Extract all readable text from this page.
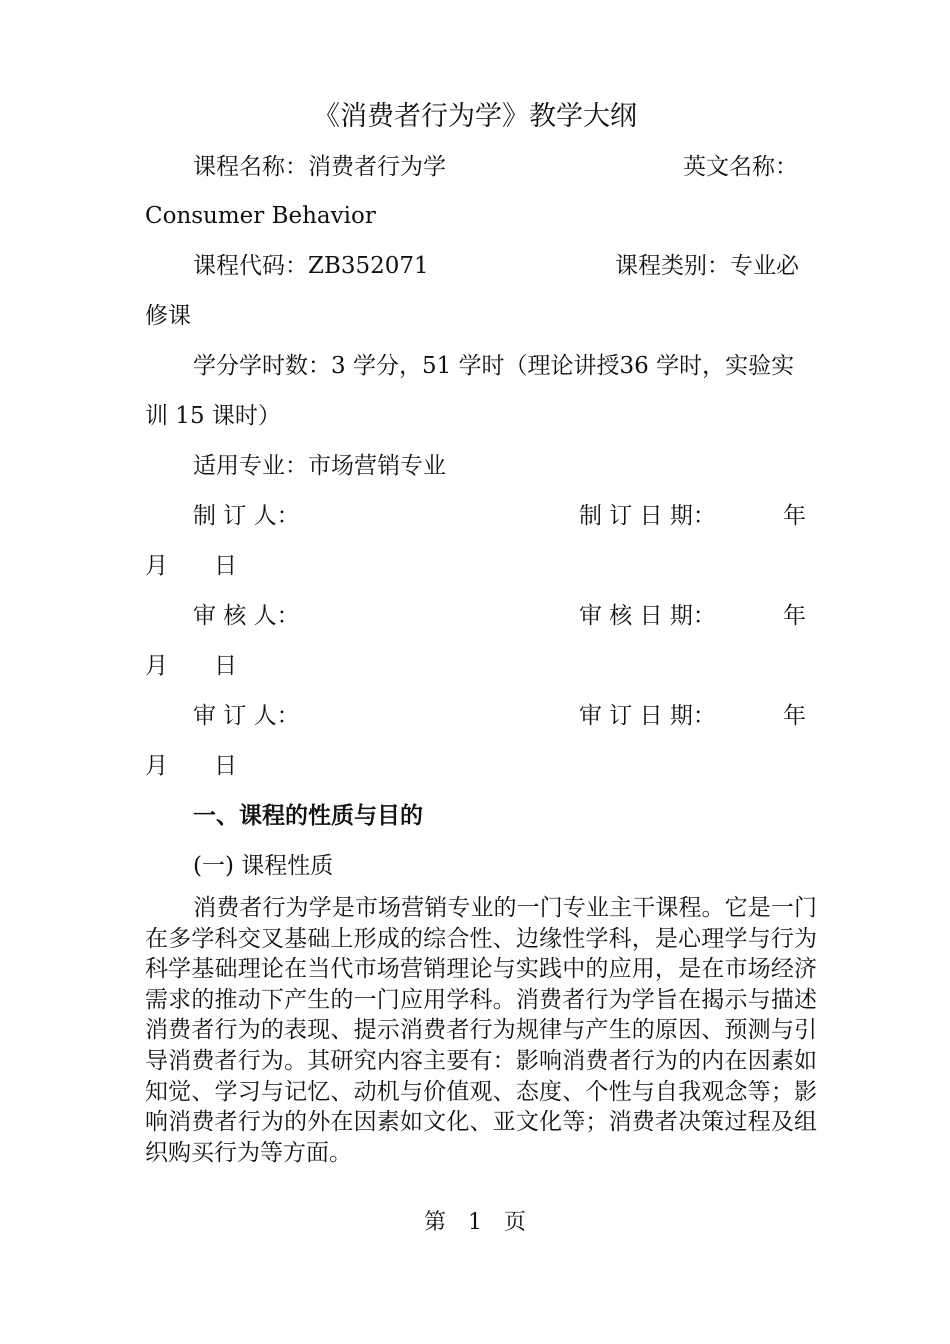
《消费者行为学》教学大纲
课程名称：消费者行为学	英文名称：
Consumer Behavior
课程代码：ZB352071	课程类别：专业必
修课
学分学时数：3 学分，51 学时（理论讲授36 学时，实验实
训 15 课时）
适用专业：市场营销专业
制 订 人：	制 订 日 期：	年
月　　日
审 核 人：	审 核 日 期：	年
月　　日
审 订 人：	审 订 日 期：	年
月　　日
一、课程的性质与目的
(一) 课程性质
消费者行为学是市场营销专业的一门专业主干课程。它是一门在多学科交叉基础上形成的综合性、边缘性学科，是心理学与行为科学基础理论在当代市场营销理论与实践中的应用，是在市场经济需求的推动下产生的一门应用学科。消费者行为学旨在揭示与描述消费者行为的表现、提示消费者行为规律与产生的原因、预测与引导消费者行为。其研究内容主要有：影响消费者行为的内在因素如知觉、学习与记忆、动机与价值观、态度、个性与自我观念等；影响消费者行为的外在因素如文化、亚文化等；消费者决策过程及组织购买行为等方面。
第　1　页
